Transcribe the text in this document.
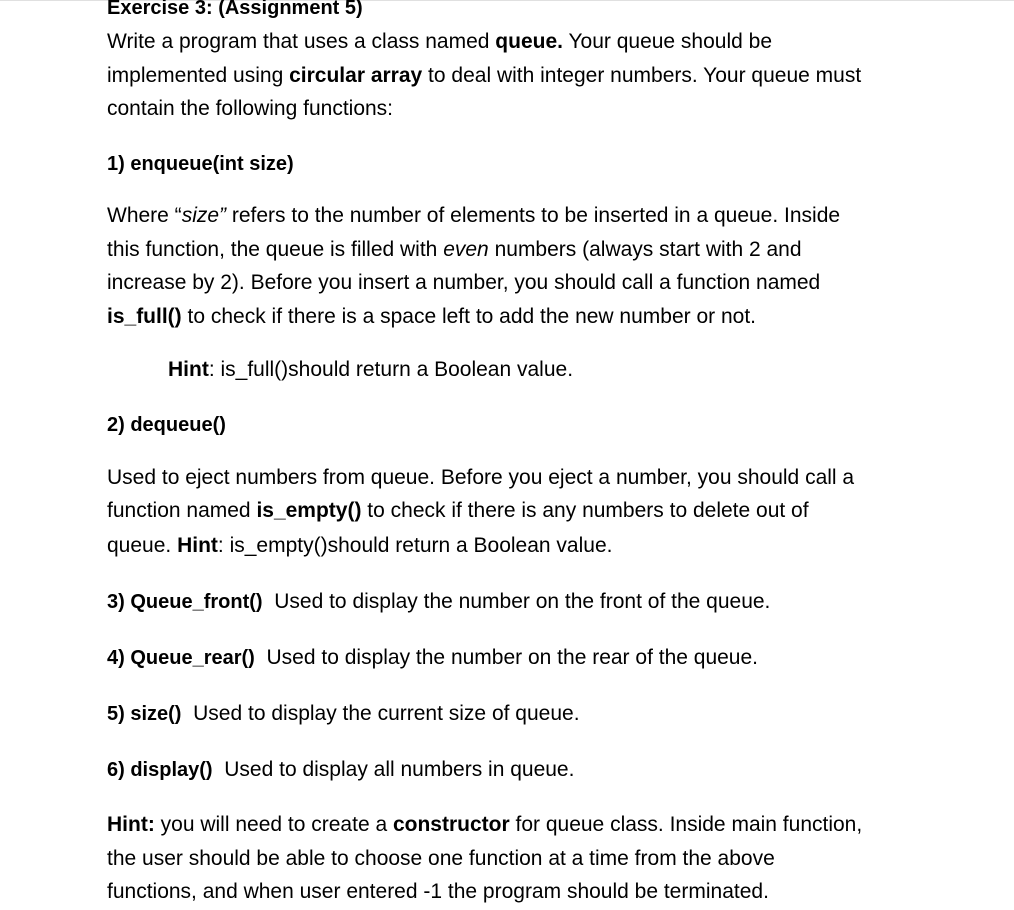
Exercise 3: (Assignment 5)
Write a program that uses a class named queue. Your queue should be
implemented using circular array to deal with integer numbers. Your queue must
contain the following functions:
1) enqueue(int size)
Where “size” refers to the number of elements to be inserted in a queue. Inside
this function, the queue is filled with even numbers (always start with 2 and
increase by 2). Before you insert a number, you should call a function named
is_full() to check if there is a space left to add the new number or not.
Hint: is_full()should return a Boolean value.
2) dequeue()
Used to eject numbers from queue. Before you eject a number, you should call a
function named is_empty() to check if there is any numbers to delete out of
queue. Hint: is_empty()should return a Boolean value.
3) Queue_front()  Used to display the number on the front of the queue.
4) Queue_rear()  Used to display the number on the rear of the queue.
5) size()  Used to display the current size of queue.
6) display()  Used to display all numbers in queue.
Hint: you will need to create a constructor for queue class. Inside main function,
the user should be able to choose one function at a time from the above
functions, and when user entered -1 the program should be terminated.
